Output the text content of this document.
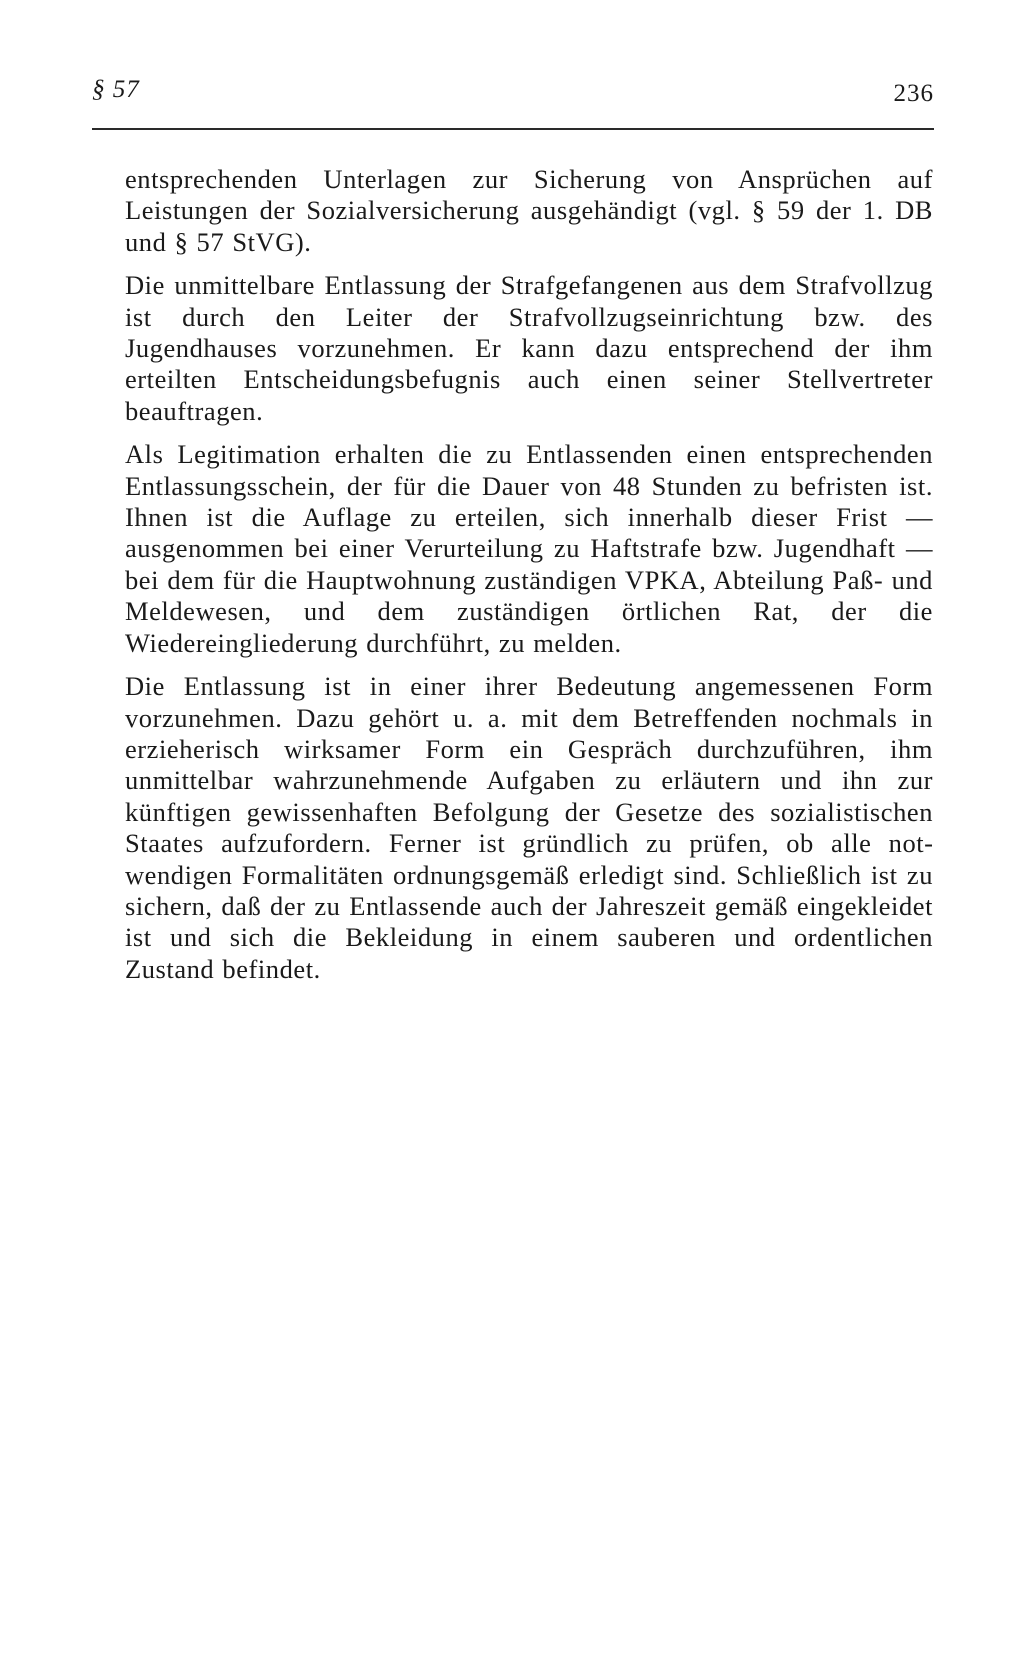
§ 57	236

entsprechenden Unterlagen zur Sicherung von Ansprüchen auf Leistungen der Sozialversicherung ausgehändigt (vgl. § 59 der 1. DB und § 57 StVG).

Die unmittelbare Entlassung der Strafgefangenen aus dem Strafvollzug ist durch den Leiter der Strafvollzugseinrichtung bzw. des Jugendhauses vorzunehmen. Er kann dazu entsprechend der ihm erteilten Entscheidungsbefugnis auch einen seiner Stellvertreter beauftragen.

Als Legitimation erhalten die zu Entlassenden einen entsprechenden Entlassungsschein, der für die Dauer von 48 Stunden zu befristen ist. Ihnen ist die Auflage zu erteilen, sich innerhalb dieser Frist — ausgenommen bei einer Verurteilung zu Haftstrafe bzw. Jugendhaft — bei dem für die Hauptwohnung zuständigen VPKA, Abteilung Paß- und Meldewesen, und dem zuständigen örtlichen Rat, der die Wiedereingliederung durchführt, zu melden.

Die Entlassung ist in einer ihrer Bedeutung angemessenen Form vorzunehmen. Dazu gehört u. a. mit dem Betreffenden nochmals in erzieherisch wirksamer Form ein Gespräch durchzuführen, ihm unmittelbar wahrzunehmende Aufgaben zu erläutern und ihn zur künftigen gewissenhaften Befolgung der Gesetze des sozialistischen Staates aufzufordern. Ferner ist gründlich zu prüfen, ob alle notwendigen Formalitäten ordnungsgemäß erledigt sind. Schließlich ist zu sichern, daß der zu Entlassende auch der Jahreszeit gemäß eingekleidet ist und sich die Bekleidung in einem sauberen und ordentlichen Zustand befindet.
